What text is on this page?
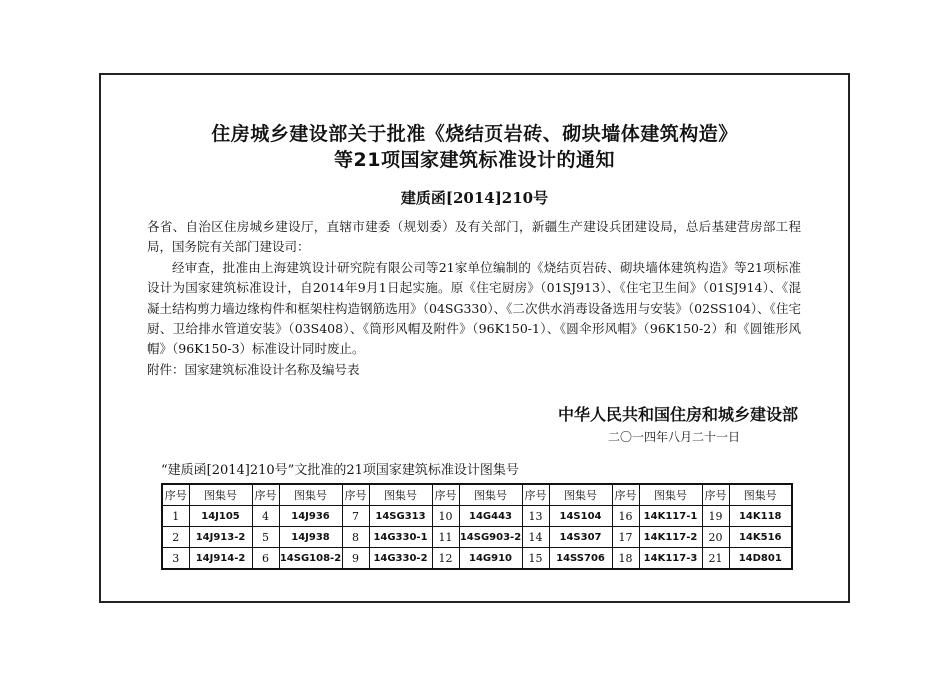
住房城乡建设部关于批准《烧结页岩砖、砌块墙体建筑构造》
等21项国家建筑标准设计的通知
建质函[2014]210号

各省、自治区住房城乡建设厅，直辖市建委（规划委）及有关部门，新疆生产建设兵团建设局，总后基建营房部工程局，国务院有关部门建设司：

经审查，批准由上海建筑设计研究院有限公司等21家单位编制的《烧结页岩砖、砌块墙体建筑构造》等21项标准设计为国家建筑标准设计，自2014年9月1日起实施。原《住宅厨房》（01SJ913）、《住宅卫生间》（01SJ914）、《混凝土结构剪力墙边缘构件和框架柱构造钢筋选用》（04SG330）、《二次供水消毒设备选用与安装》（02SS104）、《住宅厨、卫给排水管道安装》（03S408）、《筒形风帽及附件》（96K150-1）、《圆伞形风帽》（96K150-2）和《圆锥形风帽》（96K150-3）标准设计同时废止。

附件：国家建筑标准设计名称及编号表

中华人民共和国住房和城乡建设部
二〇一四年八月二十一日
“建质函[2014]210号”文批准的21项国家建筑标准设计图集号
序号	图集号	序号	图集号	序号	图集号	序号	图集号	序号	图集号	序号	图集号	序号	图集号
1	14J105	4	14J936	7	14SG313	10	14G443	13	14S104	16	14K117-1	19	14K118
2	14J913-2	5	14J938	8	14G330-1	11	14SG903-2	14	14S307	17	14K117-2	20	14K516
3	14J914-2	6	14SG108-2	9	14G330-2	12	14G910	15	14SS706	18	14K117-3	21	14D801
